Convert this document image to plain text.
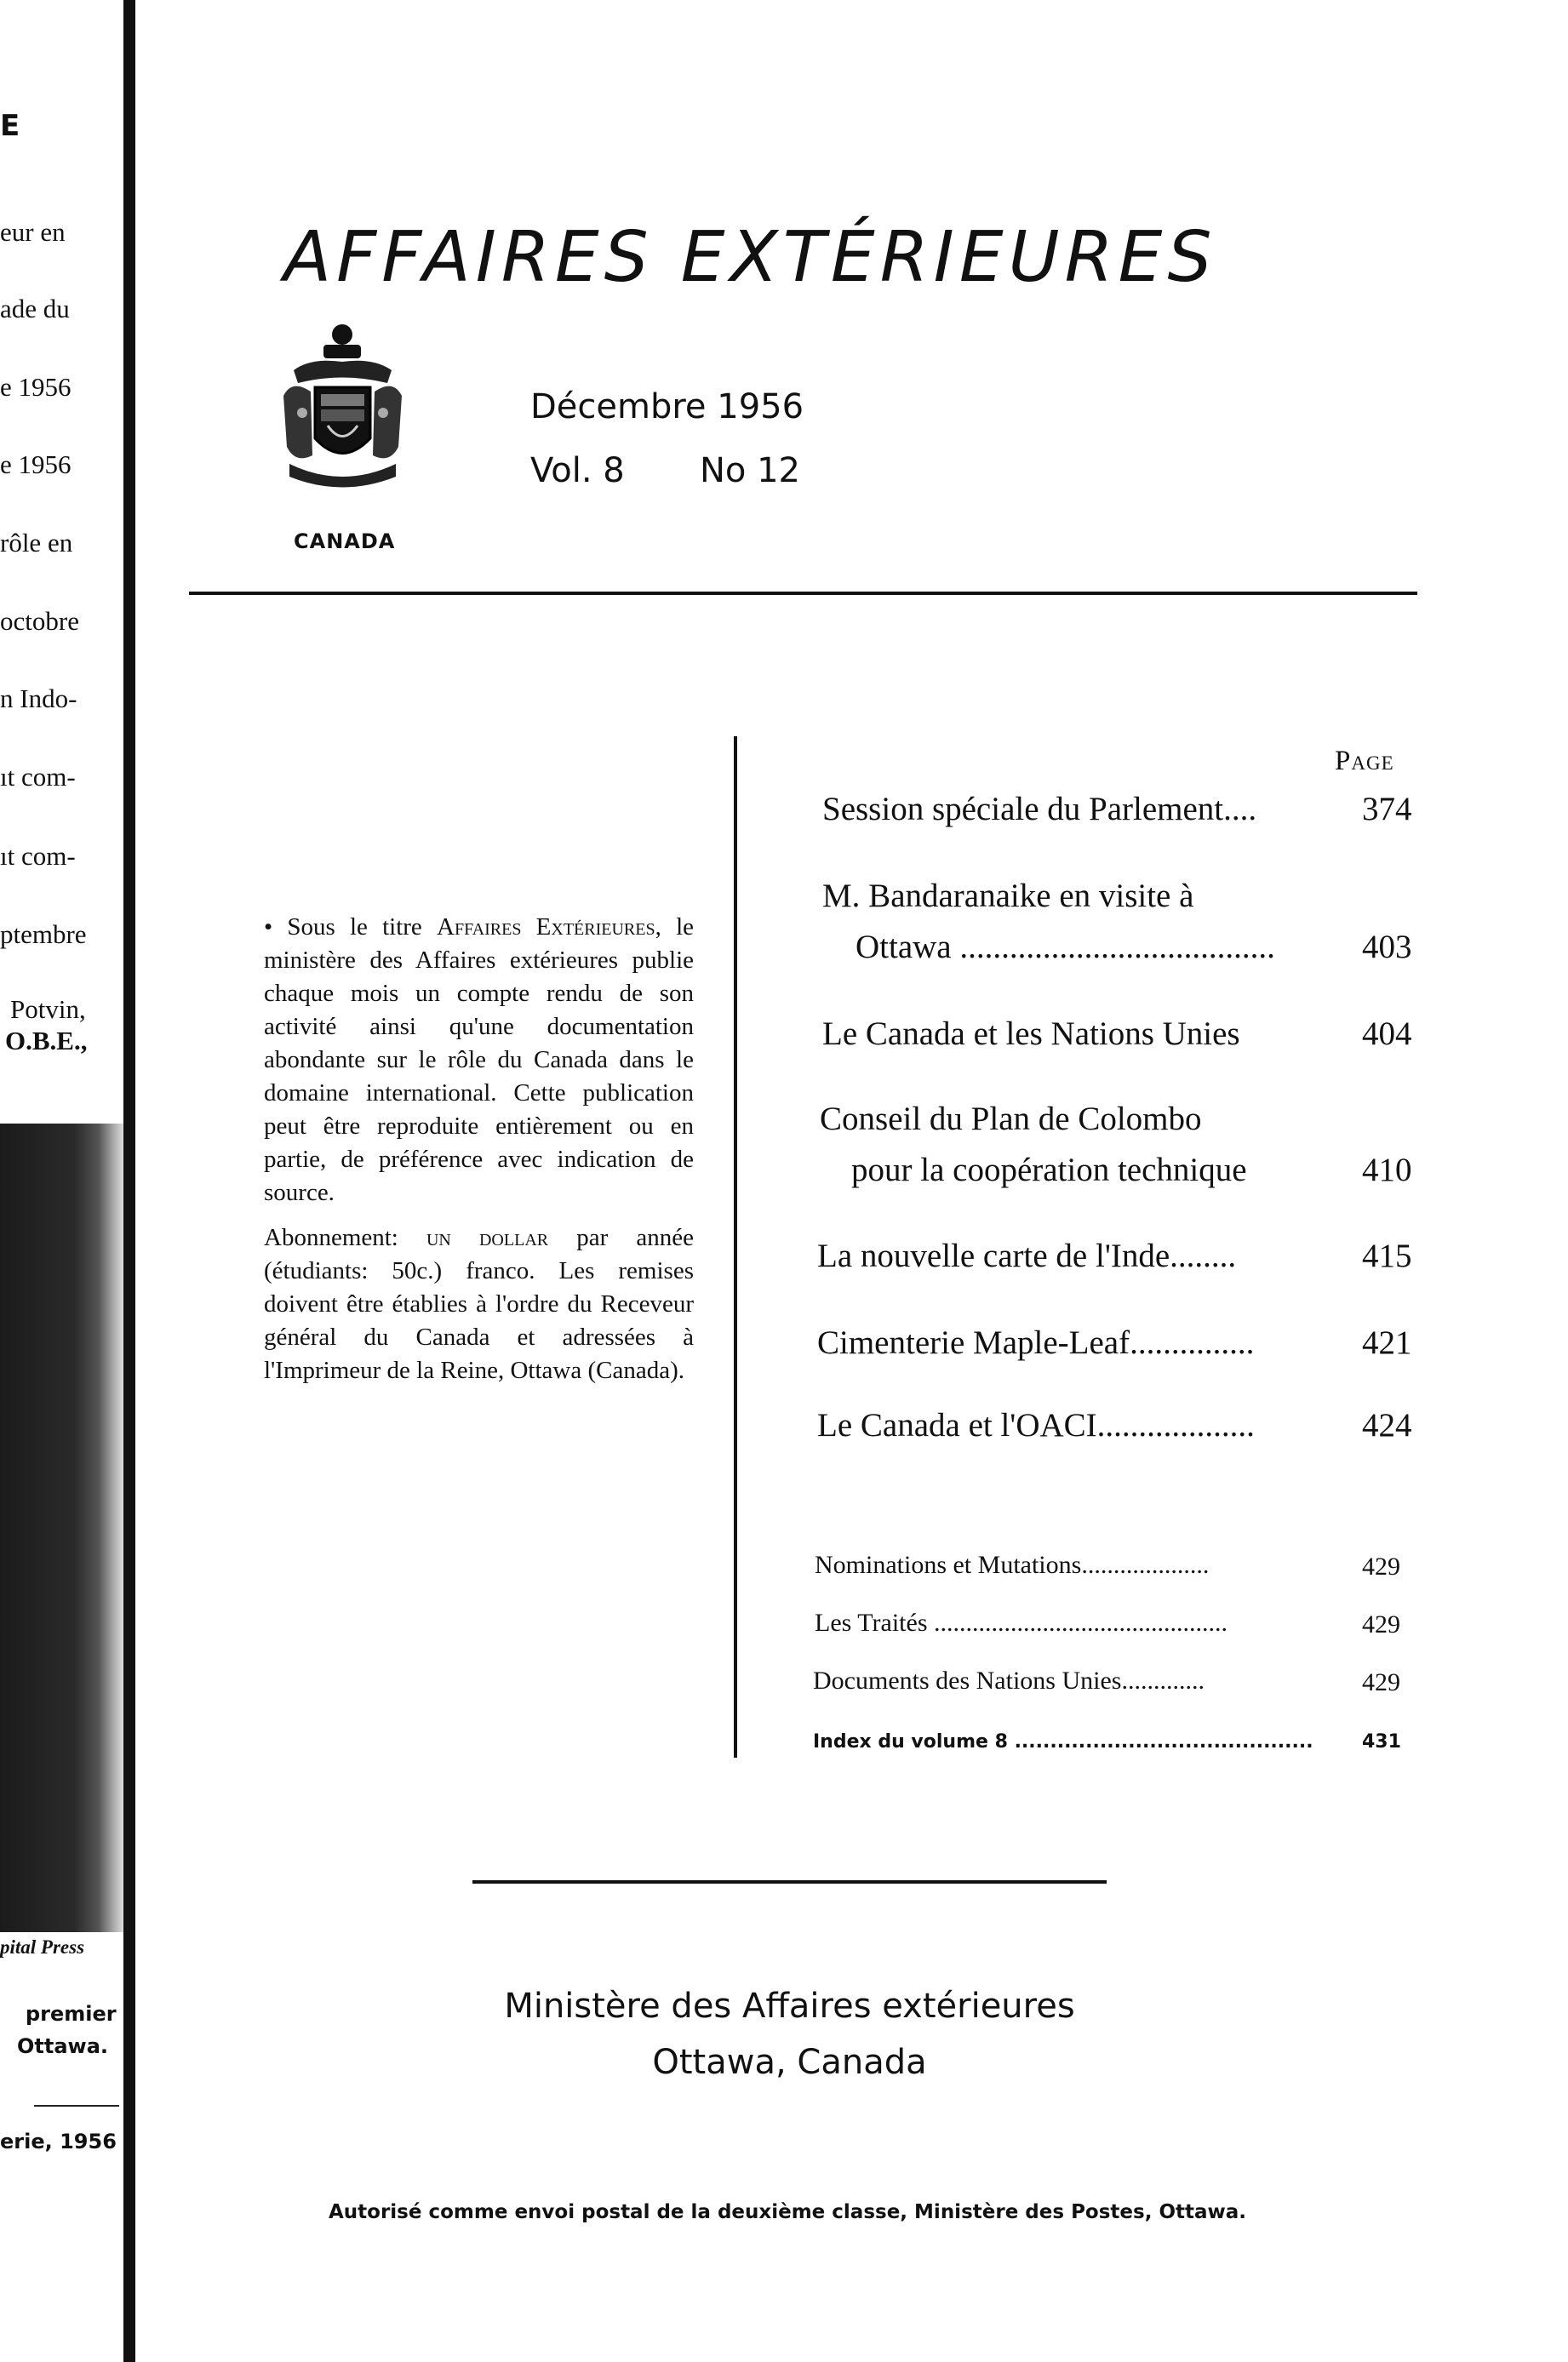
E
eur en
ade du
e 1956
e 1956
rôle en
octobre
n Indo-
ıt com-
ıt com-
ptembre
Potvin,
O.B.E.,
pital Press
premier
Ottawa.
erie, 1956
AFFAIRES EXTÉRIEURES
CANADA
Décembre 1956
Vol. 8 No 12

• Sous le titre Affaires Extérieures, le ministère des Affaires extérieures publie chaque mois un compte rendu de son activité ainsi qu'une documentation abondante sur le rôle du Canada dans le domaine international. Cette publication peut être reproduite entièrement ou en partie, de préférence avec indication de source.

Abonnement: un dollar par année (étudiants: 50c.) franco. Les remises doivent être établies à l'ordre du Receveur général du Canada et adressées à l'Imprimeur de la Reine, Ottawa (Canada).

Page
Session spéciale du Parlement....	374
M. Bandaranaike en visite à
Ottawa ......................................	403
Le Canada et les Nations Unies	404
Conseil du Plan de Colombo
pour la coopération technique	410
La nouvelle carte de l'Inde........	415
Cimenterie Maple-Leaf...............	421
Le Canada et l'OACI...................	424
Nominations et Mutations....................	429
Les Traités ..............................................	429
Documents des Nations Unies.............	429
Index du volume 8 ..........................................	431
Ministère des Affaires extérieures
Ottawa, Canada
Autorisé comme envoi postal de la deuxième classe, Ministère des Postes, Ottawa.
